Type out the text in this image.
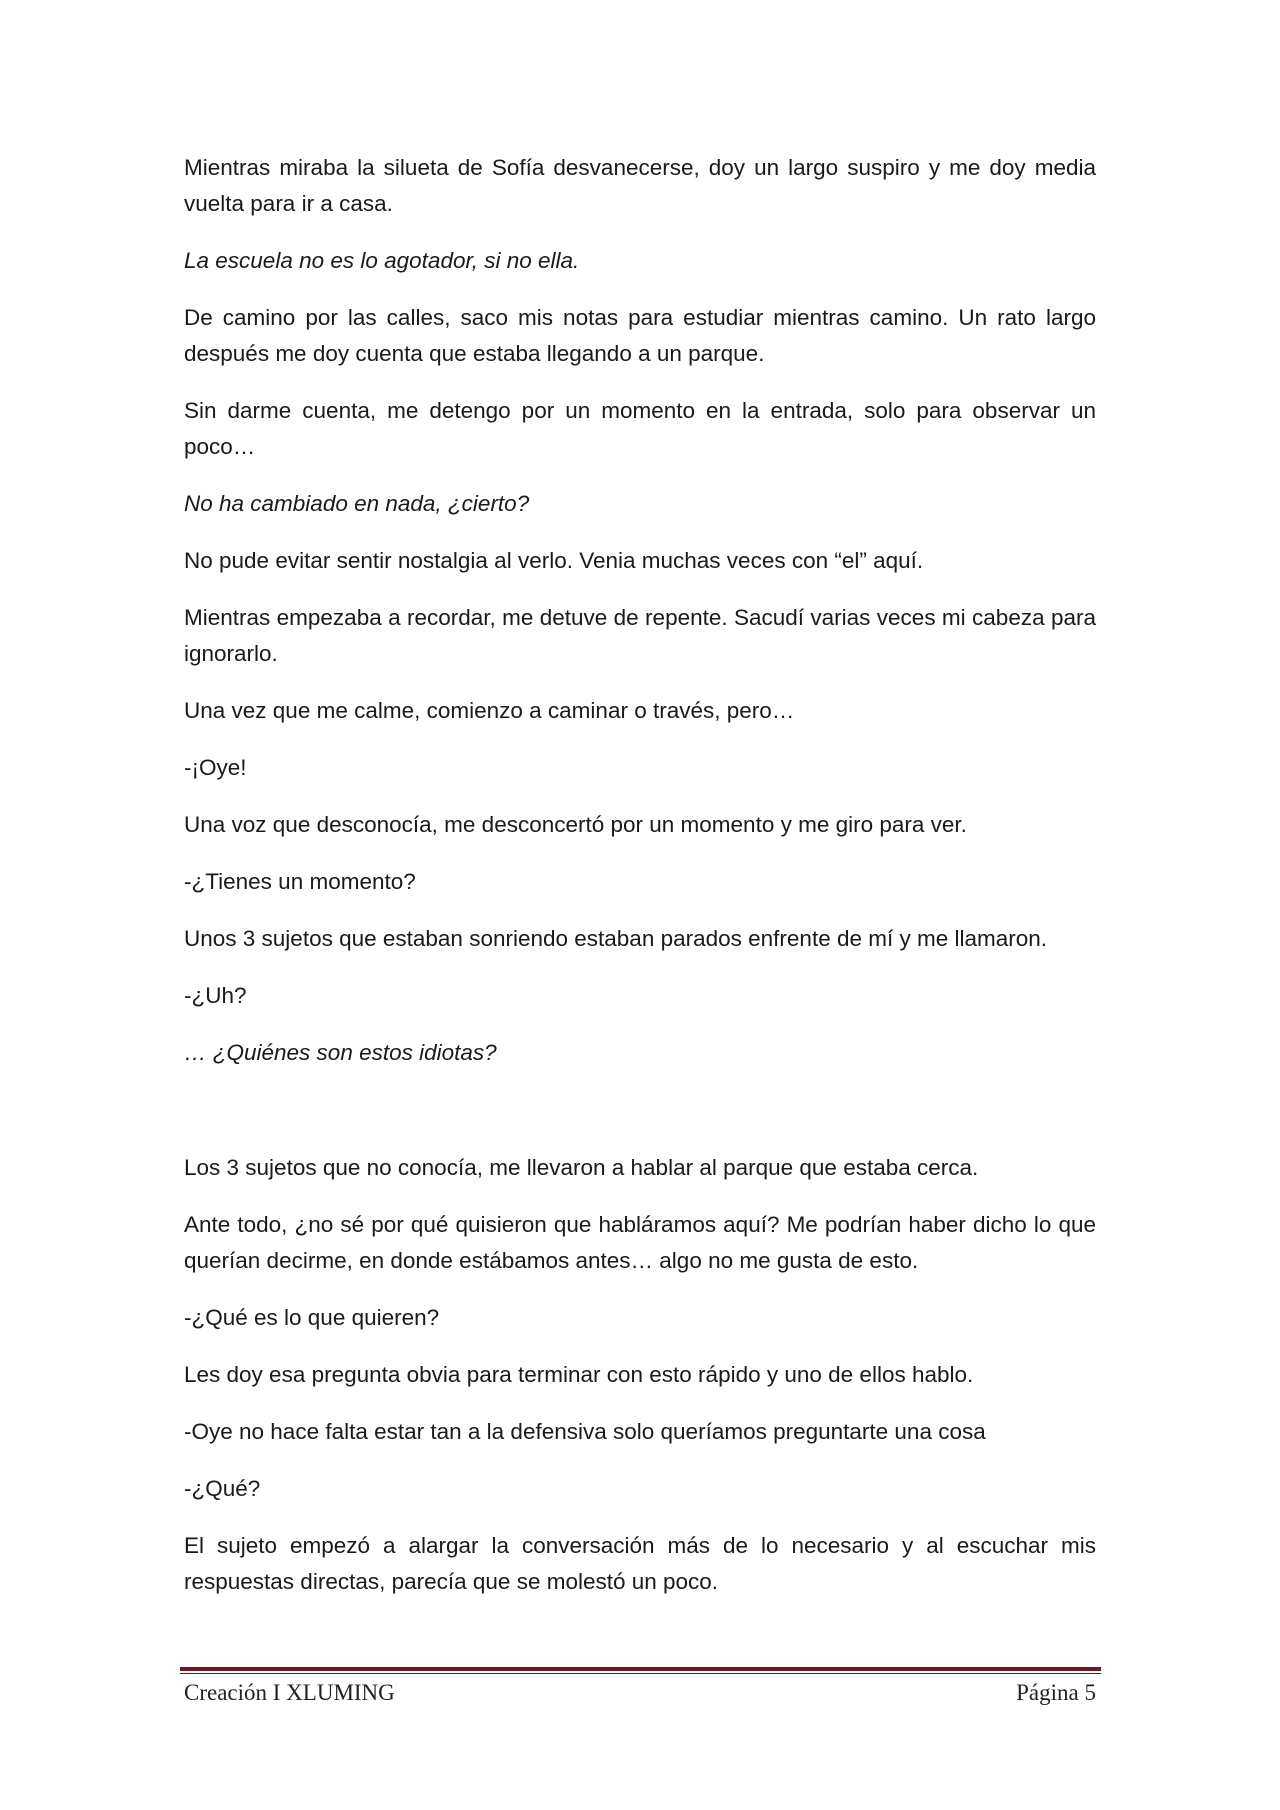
Mientras miraba la silueta de Sofía desvanecerse, doy un largo suspiro y me doy media vuelta para ir a casa.

La escuela no es lo agotador, si no ella.

De camino por las calles, saco mis notas para estudiar mientras camino. Un rato largo después me doy cuenta que estaba llegando a un parque.

Sin darme cuenta, me detengo por un momento en la entrada, solo para observar un poco…

No ha cambiado en nada, ¿cierto?

No pude evitar sentir nostalgia al verlo. Venia muchas veces con “el” aquí.

Mientras empezaba a recordar, me detuve de repente. Sacudí varias veces mi cabeza para ignorarlo.

Una vez que me calme, comienzo a caminar o través, pero…

-¡Oye!

Una voz que desconocía, me desconcertó por un momento y me giro para ver.

-¿Tienes un momento?

Unos 3 sujetos que estaban sonriendo estaban parados enfrente de mí y me llamaron.

-¿Uh?

… ¿Quiénes son estos idiotas?

Los 3 sujetos que no conocía, me llevaron a hablar al parque que estaba cerca.

Ante todo, ¿no sé por qué quisieron que habláramos aquí? Me podrían haber dicho lo que querían decirme, en donde estábamos antes… algo no me gusta de esto.

-¿Qué es lo que quieren?

Les doy esa pregunta obvia para terminar con esto rápido y uno de ellos hablo.

-Oye no hace falta estar tan a la defensiva solo queríamos preguntarte una cosa

-¿Qué?

El sujeto empezó a alargar la conversación más de lo necesario y al escuchar mis respuestas directas, parecía que se molestó un poco.

Creación I XLUMING	Página 5
